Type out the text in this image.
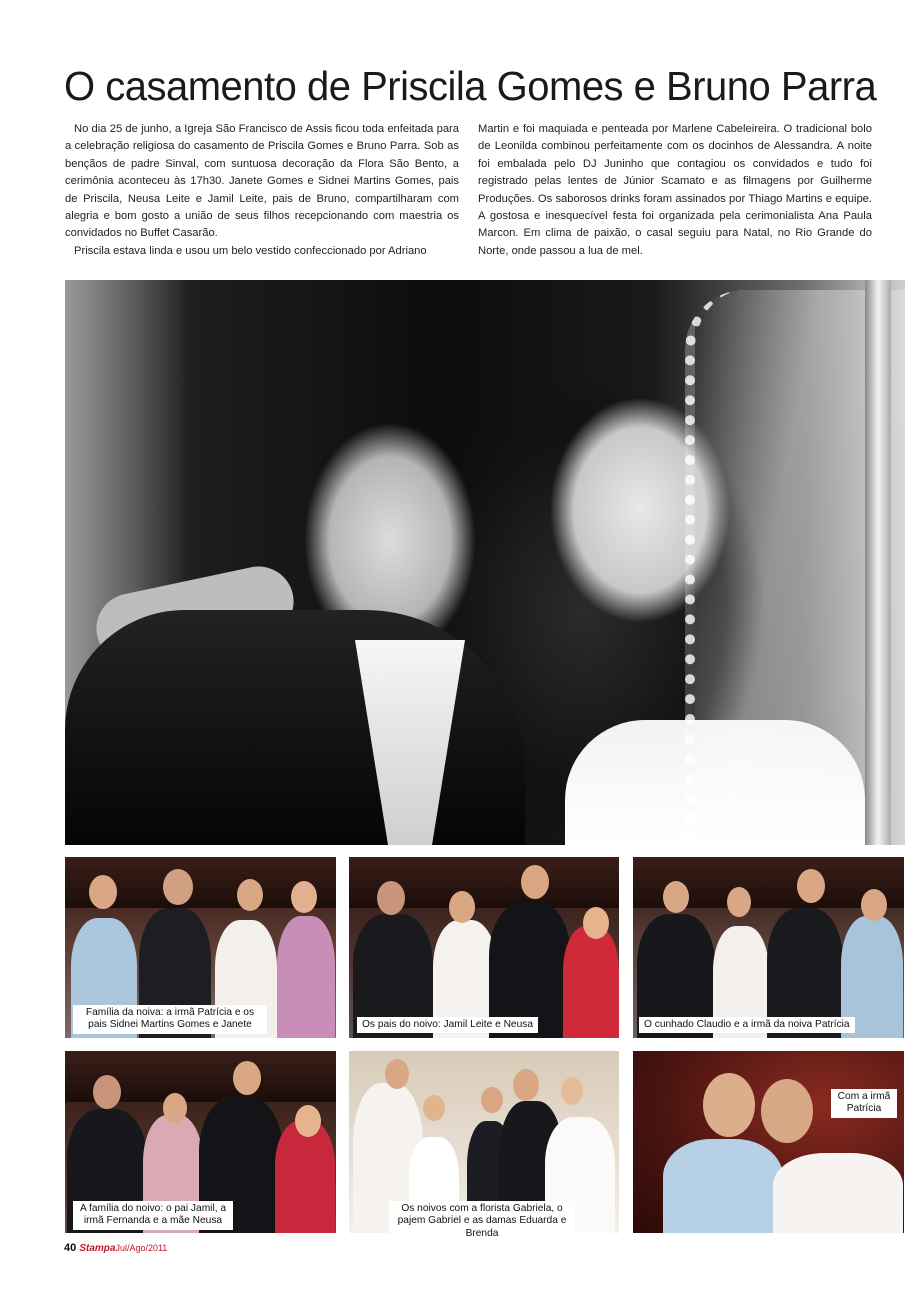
O casamento de Priscila Gomes e Bruno Parra

No dia 25 de junho, a Igreja São Francisco de Assis ficou toda enfeitada para a celebração religiosa do casamento de Priscila Gomes e Bruno Parra. Sob as bençãos de padre Sinval, com suntuosa decoração da Flora São Bento, a cerimônia aconteceu às 17h30. Janete Gomes e Sidnei Martins Gomes, pais de Priscila, Neusa Leite e Jamil Leite, pais de Bruno, compartilharam com alegria e bom gosto a união de seus filhos recepcionando com maestria os convidados no Buffet Casarão.

Priscila estava linda e usou um belo vestido confeccionado por Adriano

Martin e foi maquiada e penteada por Marlene Cabeleireira. O tradicional bolo de Leonilda combinou perfeitamente com os docinhos de Alessandra. A noite foi embalada pelo DJ Juninho que contagiou os convidados e tudo foi registrado pelas lentes de Júnior Scamato e as filmagens por Guilherme Produções. Os saborosos drinks foram assinados por Thiago Martins e equipe. A gostosa e inesquecível festa foi organizada pela cerimonialista Ana Paula Marcon. Em clima de paixão, o casal seguiu para Natal, no Rio Grande do Norte, onde passou a lua de mel.

Família da noiva: a irmã Patrícia e os pais Sidnei Martins Gomes e Janete	Os pais do noivo: Jamil Leite e Neusa	O cunhado Claudio e a irmã da noiva Patrícia
A família do noivo: o pai Jamil, a irmã Fernanda e a mãe Neusa
Os noivos com a florista Gabriela, o pajem Gabriel e as damas Eduarda e Brenda
Com a irmã Patrícia
40 StampaJul/Ago/2011
